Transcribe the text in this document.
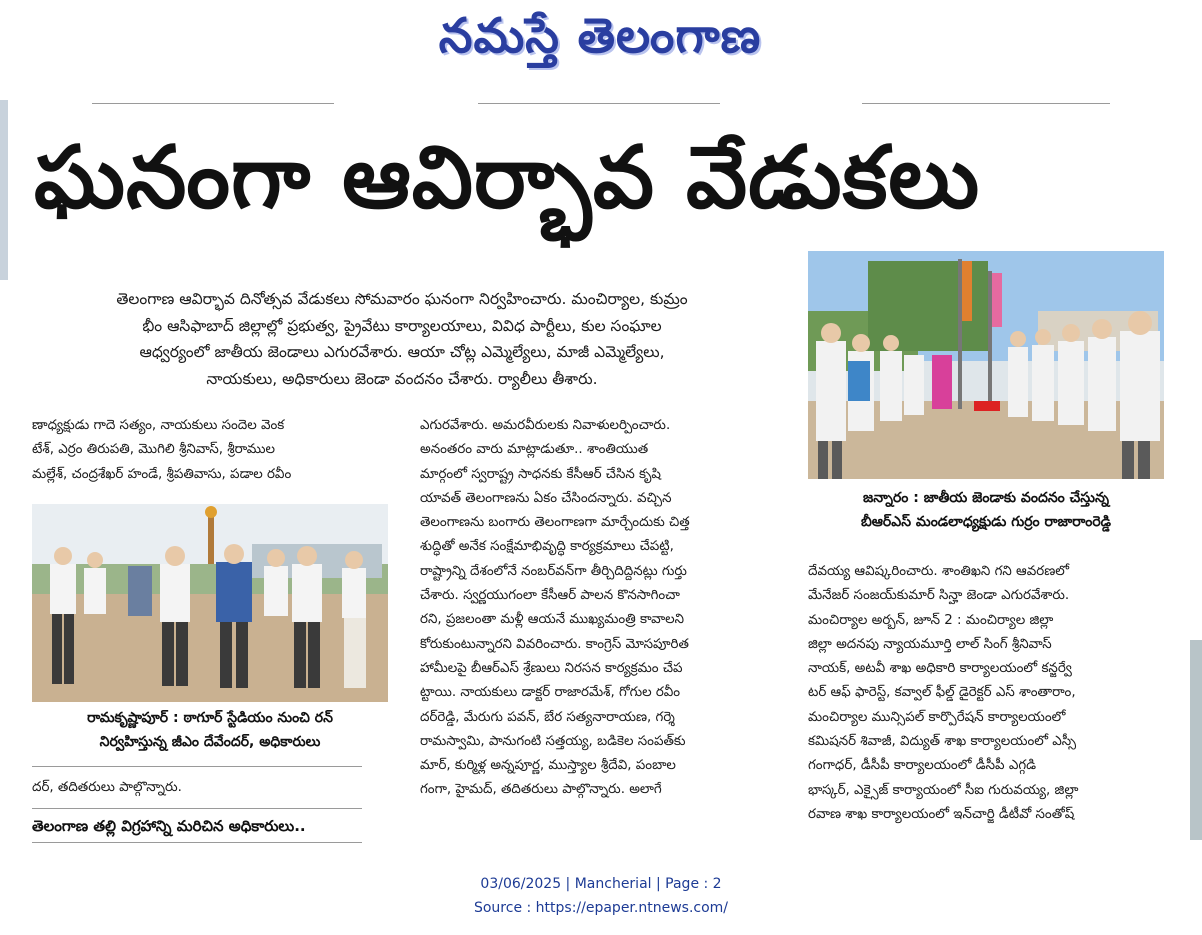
నమస్తే తెలంగాణ
ఘనంగా ఆవిర్భావ వేడుకలు
తెలంగాణ ఆవిర్భావ దినోత్సవ వేడుకలు సోమవారం ఘనంగా నిర్వహించారు. మంచిర్యాల, కుమ్రం
భీం ఆసిఫాబాద్ జిల్లాల్లో ప్రభుత్వ, ప్రైవేటు కార్యాలయాలు, వివిధ పార్టీలు, కుల సంఘాల
ఆధ్వర్యంలో జాతీయ జెండాలు ఎగురవేశారు. ఆయా చోట్ల ఎమ్మెల్యేలు, మాజీ ఎమ్మెల్యేలు,
నాయకులు, అధికారులు జెండా వందనం చేశారు. ర్యాలీలు తీశారు.

ణాధ్యక్షుడు గాదె సత్యం, నాయకులు సందెల వెంక

టేశ్, ఎర్రం తిరుపతి, మొగిలి శ్రీనివాస్, శ్రీరాముల

మల్లేశ్, చంద్రశేఖర్ హండే, శ్రీపతివాసు, పడాల రవీం

రామకృష్ణాపూర్ : ఠాగూర్ స్టేడియం నుంచి రన్
నిర్వహిస్తున్న జీఎం దేవేందర్, అధికారులు

దర్, తదితరులు పాల్గొన్నారు.

తెలంగాణ తల్లి విగ్రహాన్ని మరిచిన అధికారులు..

ఎగురవేశారు. అమరవీరులకు నివాళులర్పించారు.

అనంతరం వారు మాట్లాడుతూ.. శాంతియుత

మార్గంలో స్వరాష్ట్ర సాధనకు కేసీఆర్ చేసిన కృషి

యావత్ తెలంగాణను ఏకం చేసిందన్నారు. వచ్చిన

తెలంగాణను బంగారు తెలంగాణగా మార్చేందుకు చిత్త

శుద్ధితో అనేక సంక్షేమాభివృద్ధి కార్యక్రమాలు చేపట్టి,

రాష్ట్రాన్ని దేశంలోనే నంబర్‌వన్‌గా తీర్చిదిద్దినట్లు గుర్తు

చేశారు. స్వర్ణయుగంలా కేసీఆర్ పాలన కొనసాగించా

రని, ప్రజలంతా మళ్లీ ఆయనే ముఖ్యమంత్రి కావాలని

కోరుకుంటున్నారని వివరించారు. కాంగ్రెస్ మోసపూరిత

హామీలపై బీఆర్ఎస్ శ్రేణులు నిరసన కార్యక్రమం చేప

ట్టాయి. నాయకులు డాక్టర్ రాజారమేశ్, గోగుల రవీం

దర్‌రెడ్డి, మేరుగు పవన్, బేర సత్యనారాయణ, గర్శె

రామస్వామి, పానుగంటి సత్తయ్య, బడికెల సంపత్‌కు

మార్, కుర్మిళ్ల అన్నపూర్ణ, ముస్త్యాల శ్రీదేవి, పంబాల

గంగా, హైమద్, తదితరులు పాల్గొన్నారు. అలాగే

జన్నారం : జాతీయ జెండాకు వందనం చేస్తున్న
బీఆర్ఎస్ మండలాధ్యక్షుడు గుర్రం రాజారాంరెడ్డి

దేవయ్య ఆవిష్కరించారు. శాంతిఖని గని ఆవరణలో

మేనేజర్ సంజయ్‌కుమార్ సిన్హా జెండా ఎగురవేశారు.

మంచిర్యాల అర్బన్, జూన్ 2 : మంచిర్యాల జిల్లా

జిల్లా అదనపు న్యాయమూర్తి లాల్ సింగ్ శ్రీనివాస్

నాయక్, అటవీ శాఖ అధికారి కార్యాలయంలో కన్జర్వే

టర్ ఆఫ్ ఫారెస్ట్, కవ్వాల్ ఫీల్డ్ డైరెక్టర్ ఎస్ శాంతారాం,

మంచిర్యాల మున్సిపల్ కార్పొరేషన్ కార్యాలయంలో

కమిషనర్ శివాజీ, విద్యుత్ శాఖ కార్యాలయంలో ఎస్సీ

గంగాధర్, డీసీపీ కార్యాలయంలో డీసీపీ ఎగ్గడి

భాస్కర్, ఎక్సైజ్ కార్యాయంలో సీఐ గురువయ్య, జిల్లా

రవాణ శాఖ కార్యాలయంలో ఇన్‌చార్జి డీటీవో సంతోష్

03/06/2025 | Mancherial | Page : 2
Source : https://epaper.ntnews.com/
